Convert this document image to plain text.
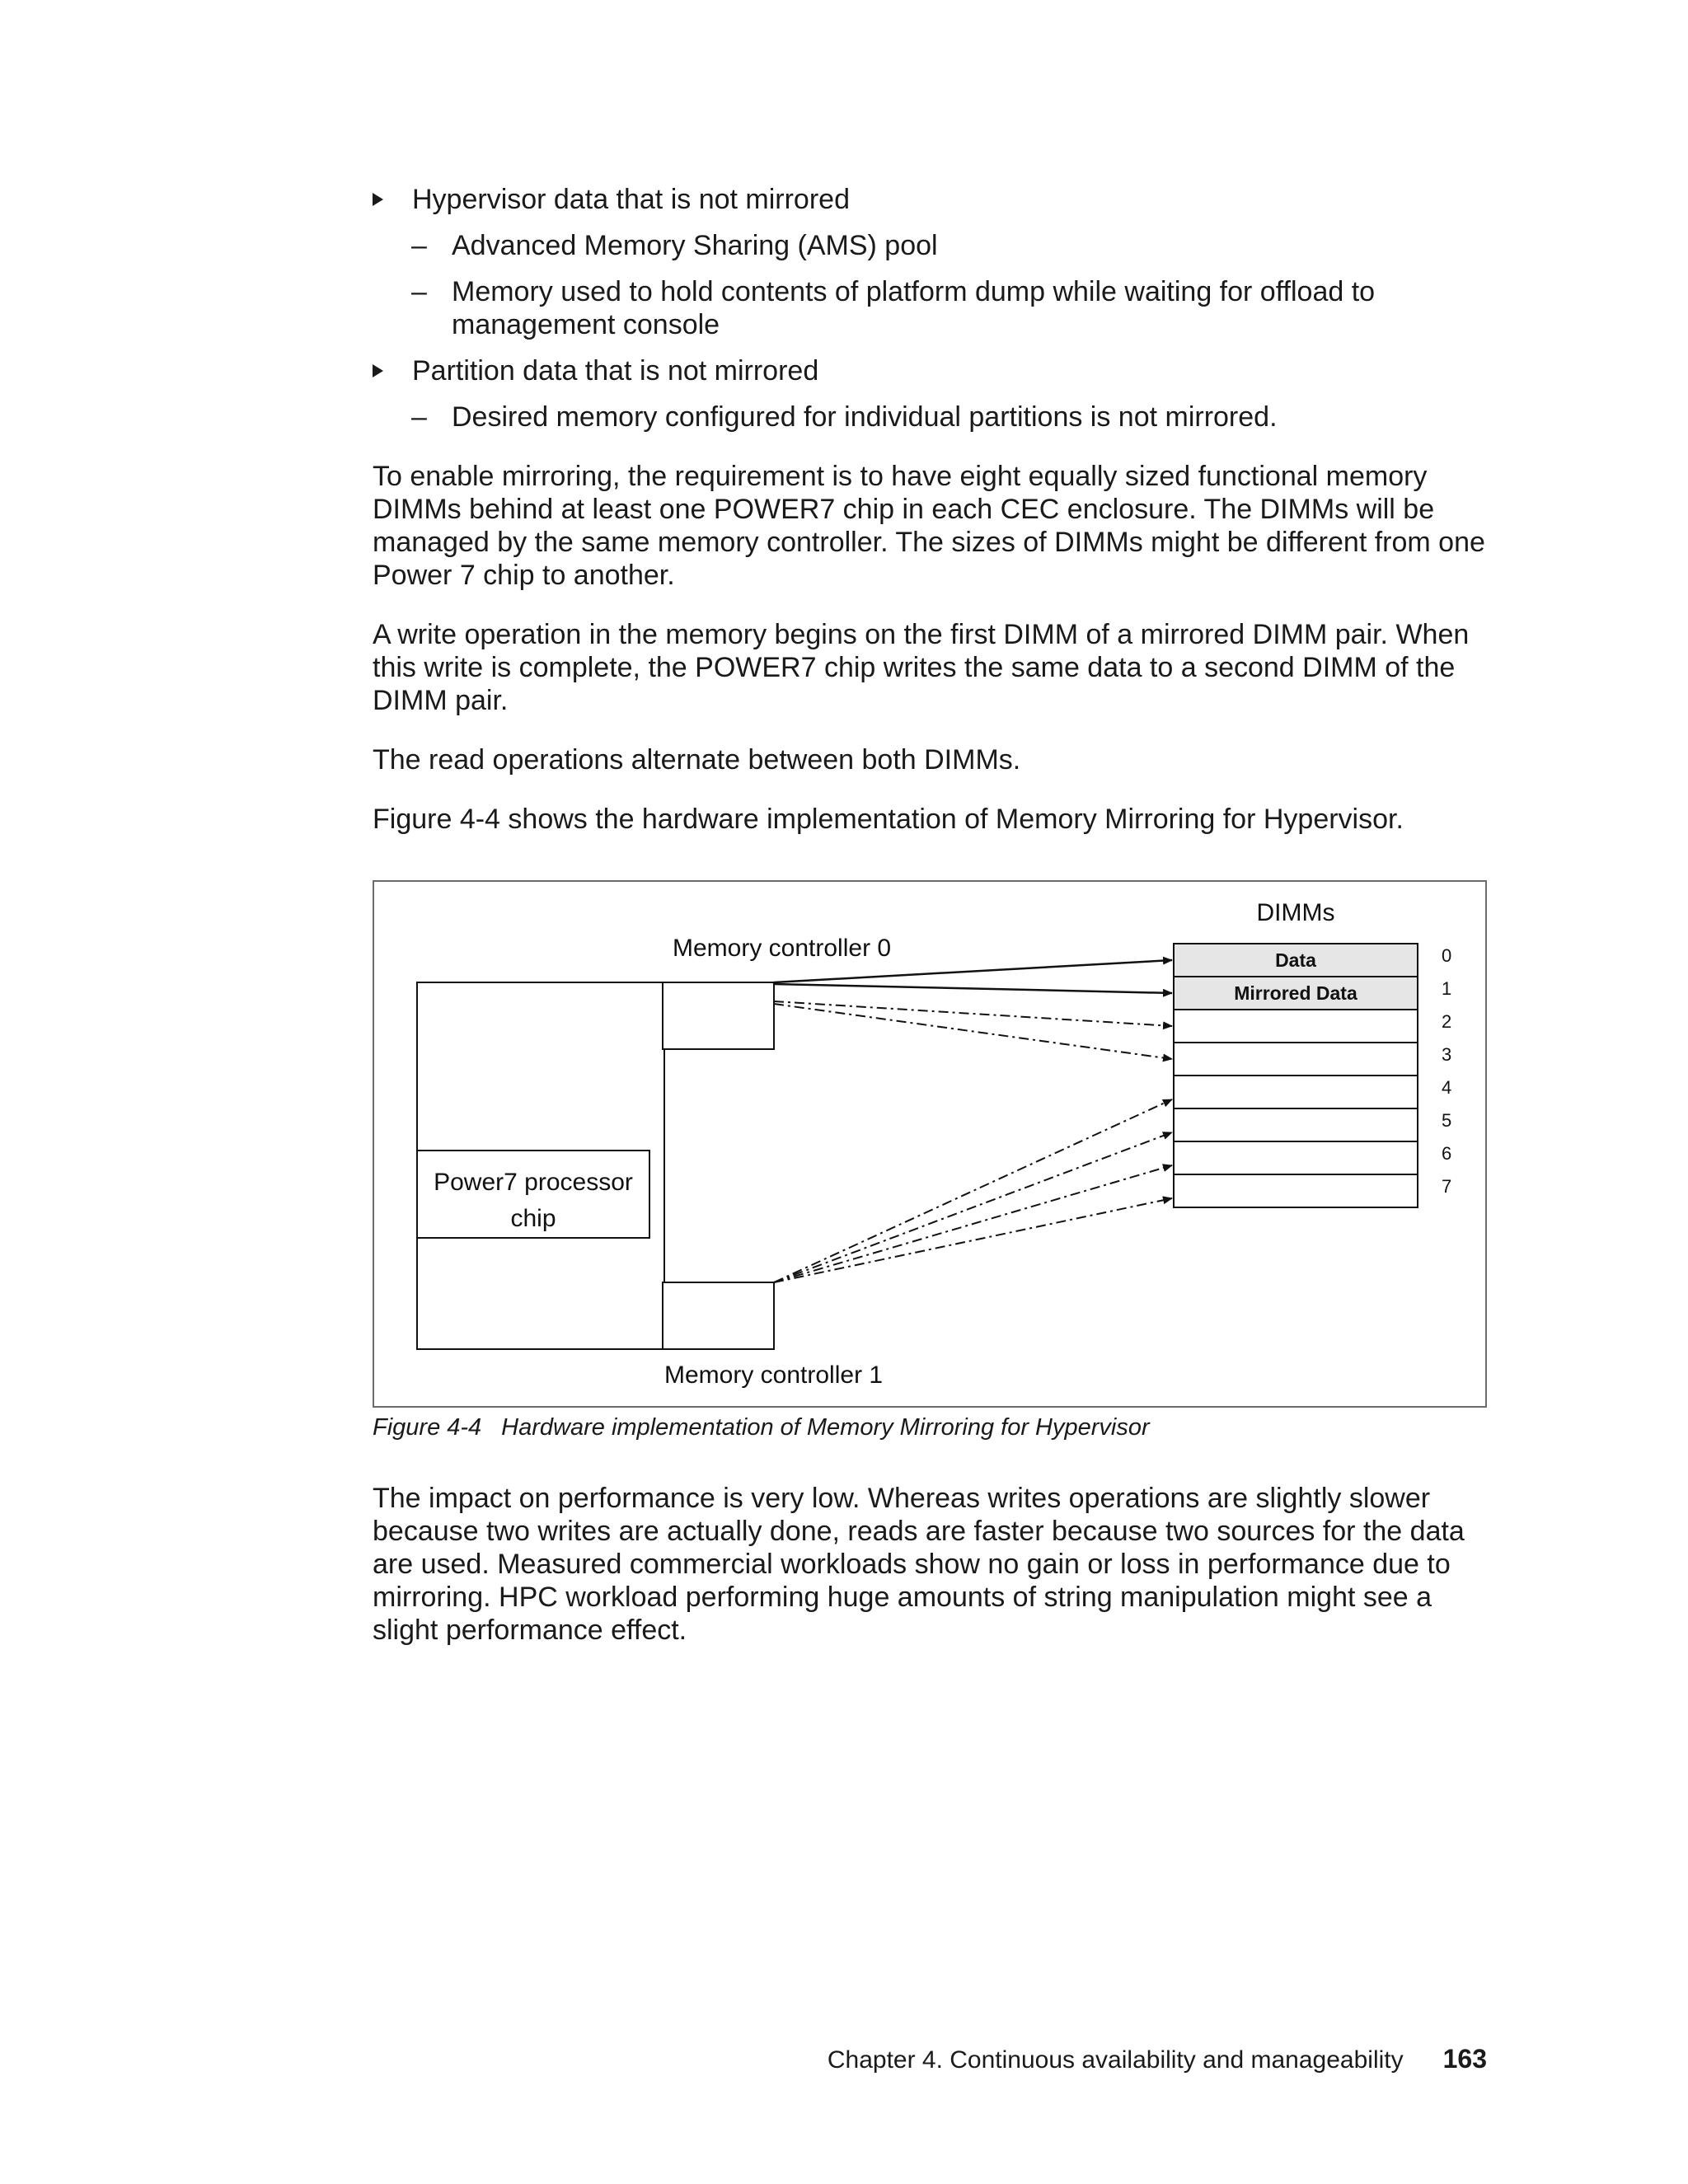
Hypervisor data that is not mirrored
– Advanced Memory Sharing (AMS) pool
– Memory used to hold contents of platform dump while waiting for offload to
management console
Partition data that is not mirrored
– Desired memory configured for individual partitions is not mirrored.

To enable mirroring, the requirement is to have eight equally sized functional memory DIMMs behind at least one POWER7 chip in each CEC enclosure. The DIMMs will be managed by the same memory controller. The sizes of DIMMs might be different from one Power 7 chip to another.

A write operation in the memory begins on the first DIMM of a mirrored DIMM pair. When this write is complete, the POWER7 chip writes the same data to a second DIMM of the DIMM pair.

The read operations alternate between both DIMMs.

Figure 4-4 shows the hardware implementation of Memory Mirroring for Hypervisor.

Power7 processor
chip
Memory controller 0
Memory controller 1
DIMMs
Data	0
Mirrored Data	1
2
3
4
5
6
7
Figure 4-4 Hardware implementation of Memory Mirroring for Hypervisor

The impact on performance is very low. Whereas writes operations are slightly slower because two writes are actually done, reads are faster because two sources for the data are used. Measured commercial workloads show no gain or loss in performance due to mirroring. HPC workload performing huge amounts of string manipulation might see a slight performance effect.

Chapter 4. Continuous availability and manageability 163
